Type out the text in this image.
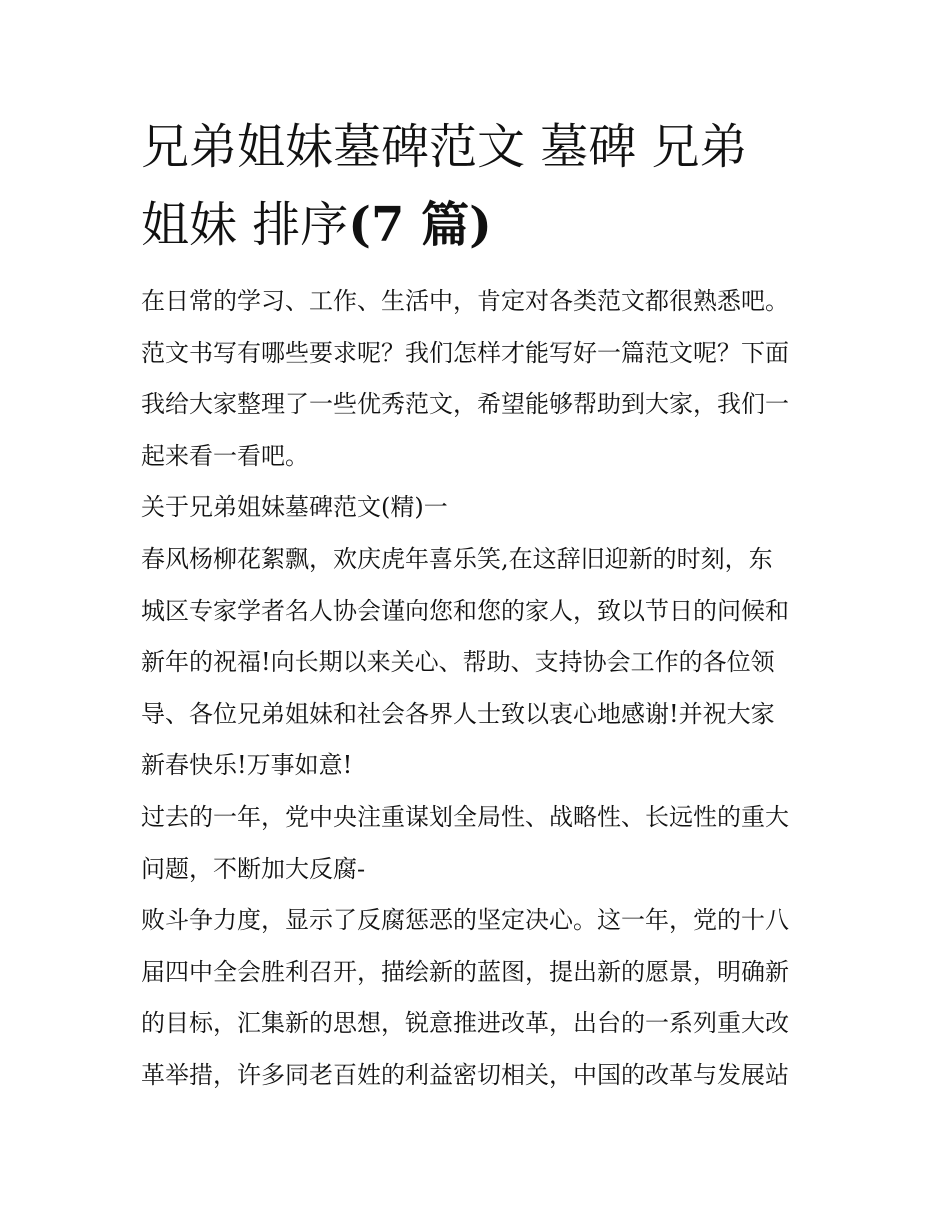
兄弟姐妹墓碑范文 墓碑 兄弟
姐妹 排序(7 篇)
在日常的学习、工作、生活中，肯定对各类范文都很熟悉吧。
范文书写有哪些要求呢？我们怎样才能写好一篇范文呢？下面
我给大家整理了一些优秀范文，希望能够帮助到大家，我们一
起来看一看吧。
关于兄弟姐妹墓碑范文(精)一
春风杨柳花絮飘，欢庆虎年喜乐笑,在这辞旧迎新的时刻，东
城区专家学者名人协会谨向您和您的家人，致以节日的问候和
新年的祝福!向长期以来关心、帮助、支持协会工作的各位领
导、各位兄弟姐妹和社会各界人士致以衷心地感谢!并祝大家
新春快乐!万事如意!
过去的一年，党中央注重谋划全局性、战略性、长远性的重大
问题，不断加大反腐-
败斗争力度，显示了反腐惩恶的坚定决心。这一年，党的十八
届四中全会胜利召开，描绘新的蓝图，提出新的愿景，明确新
的目标，汇集新的思想，锐意推进改革，出台的一系列重大改
革举措，许多同老百姓的利益密切相关，中国的改革与发展站
